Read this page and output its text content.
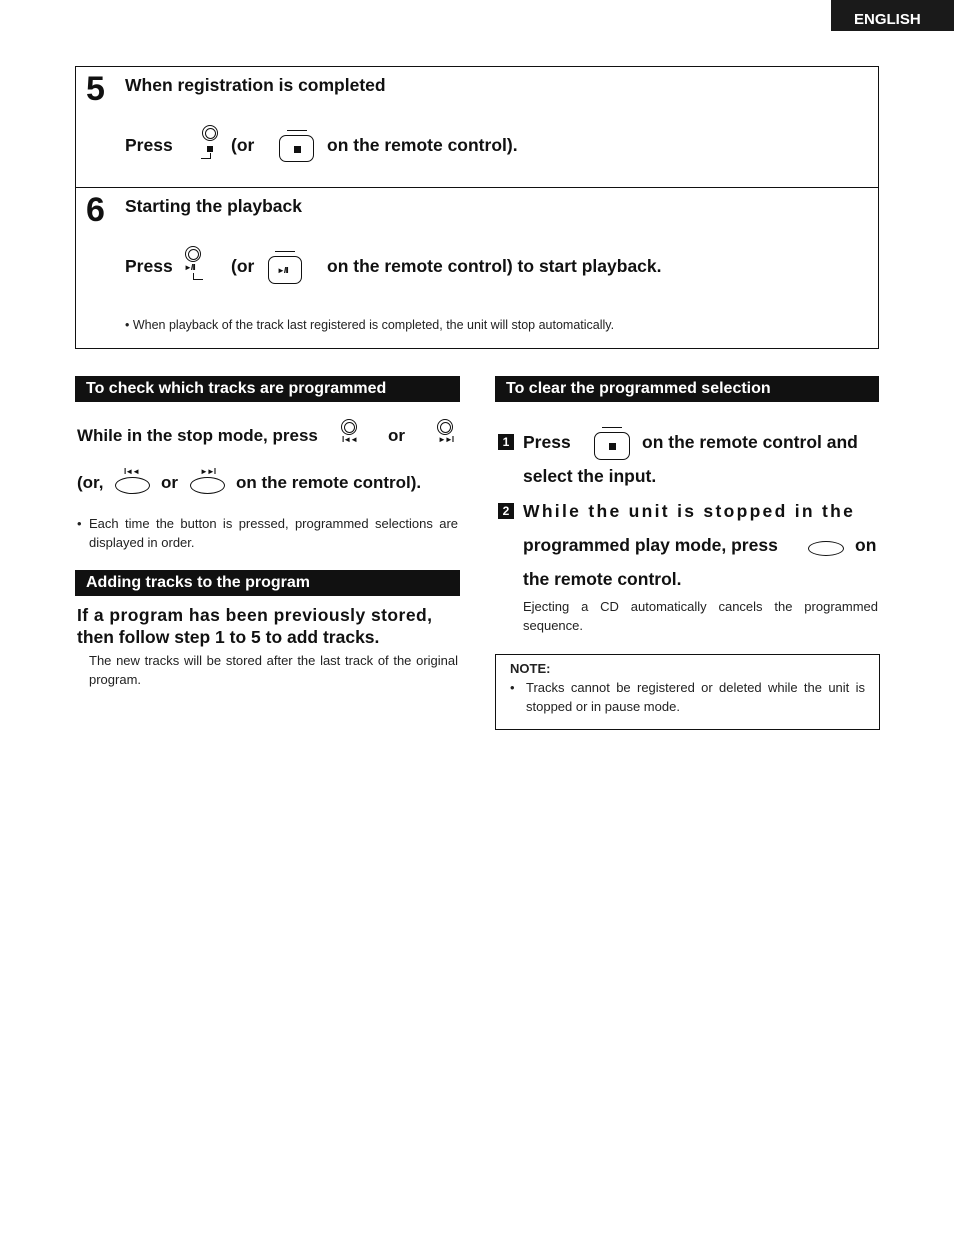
ENGLISH
5 When registration is completed
Press	(or	on the remote control).
6 Starting the playback
Press ►/II (or	►/II on the remote control) to start playback.
• When playback of the track last registered is completed, the unit will stop automatically.
To check which tracks are programmed
While in the stop mode, press	I◄◄ or	►►I
(or,
I◄◄
or
►►I
on the remote control).
• Each time the button is pressed, programmed selections are displayed in order.
Adding tracks to the program
If a program has been previously stored,
then follow step 1 to 5 to add tracks.
The new tracks will be stored after the last track of the original program.
To clear the programmed selection
1 Press	on the remote control and
select the input.
2 While the unit is stopped in the
programmed play mode, press	on
the remote control.
Ejecting a CD automatically cancels the programmed sequence.
NOTE:
• Tracks cannot be registered or deleted while the unit is stopped or in pause mode.
